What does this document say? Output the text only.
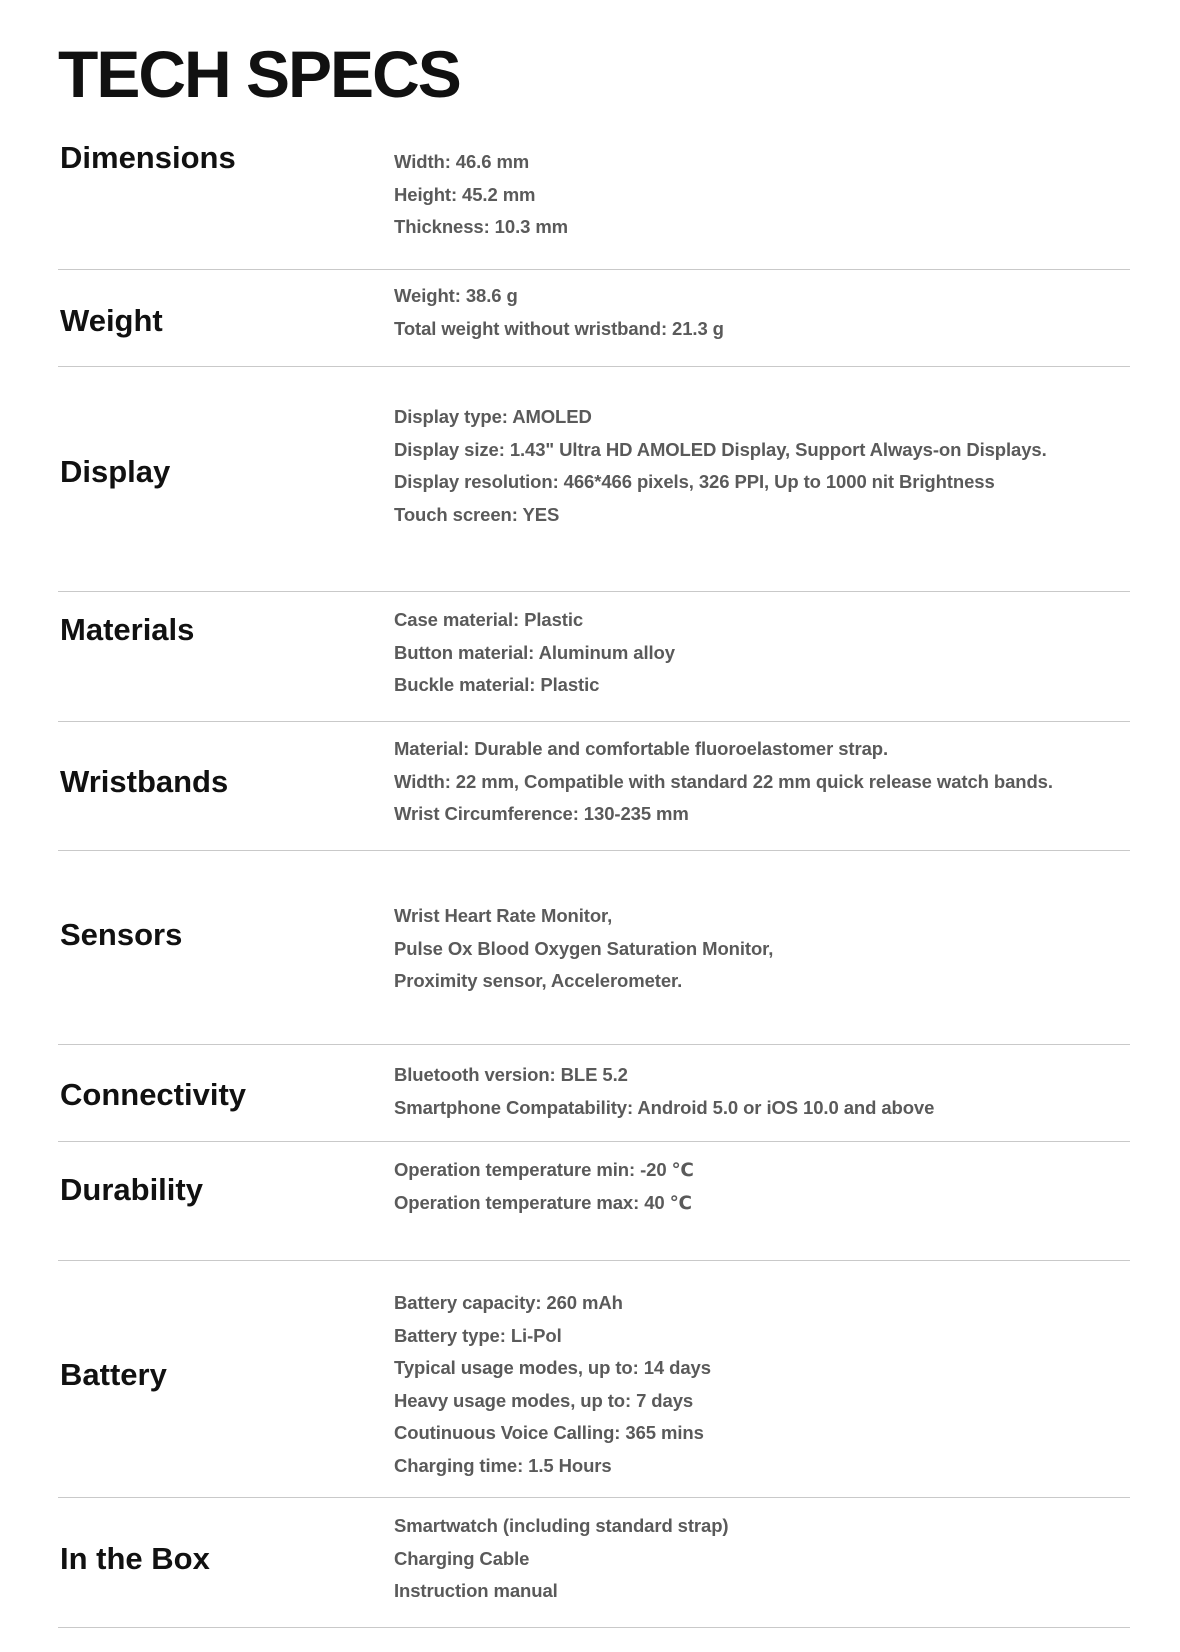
TECH SPECS
Dimensions	Width: 46.6 mm
Height: 45.2 mm
Thickness: 10.3 mm
Weight
Weight: 38.6 g
Total weight without wristband: 21.3 g
Display
Display type: AMOLED
Display size: 1.43" Ultra HD AMOLED Display, Support Always-on Displays.
Display resolution: 466*466 pixels, 326 PPI, Up to 1000 nit Brightness
Touch screen: YES
Materials	Case material: Plastic
Button material: Aluminum alloy
Buckle material: Plastic
Wristbands
Material: Durable and comfortable fluoroelastomer strap.
Width: 22 mm, Compatible with standard 22 mm quick release watch bands.
Wrist Circumference: 130-235 mm
Sensors
Wrist Heart Rate Monitor,
Pulse Ox Blood Oxygen Saturation Monitor,
Proximity sensor, Accelerometer.
Connectivity
Bluetooth version: BLE 5.2
Smartphone Compatability: Android 5.0 or iOS 10.0 and above
Durability
Operation temperature min: -20 ℃
Operation temperature max: 40 ℃
Battery
Battery capacity: 260 mAh
Battery type: Li-Pol
Typical usage modes, up to: 14 days
Heavy usage modes, up to: 7 days
Coutinuous Voice Calling: 365 mins
Charging time: 1.5 Hours
In the Box
Smartwatch (including standard strap)
Charging Cable
Instruction manual
